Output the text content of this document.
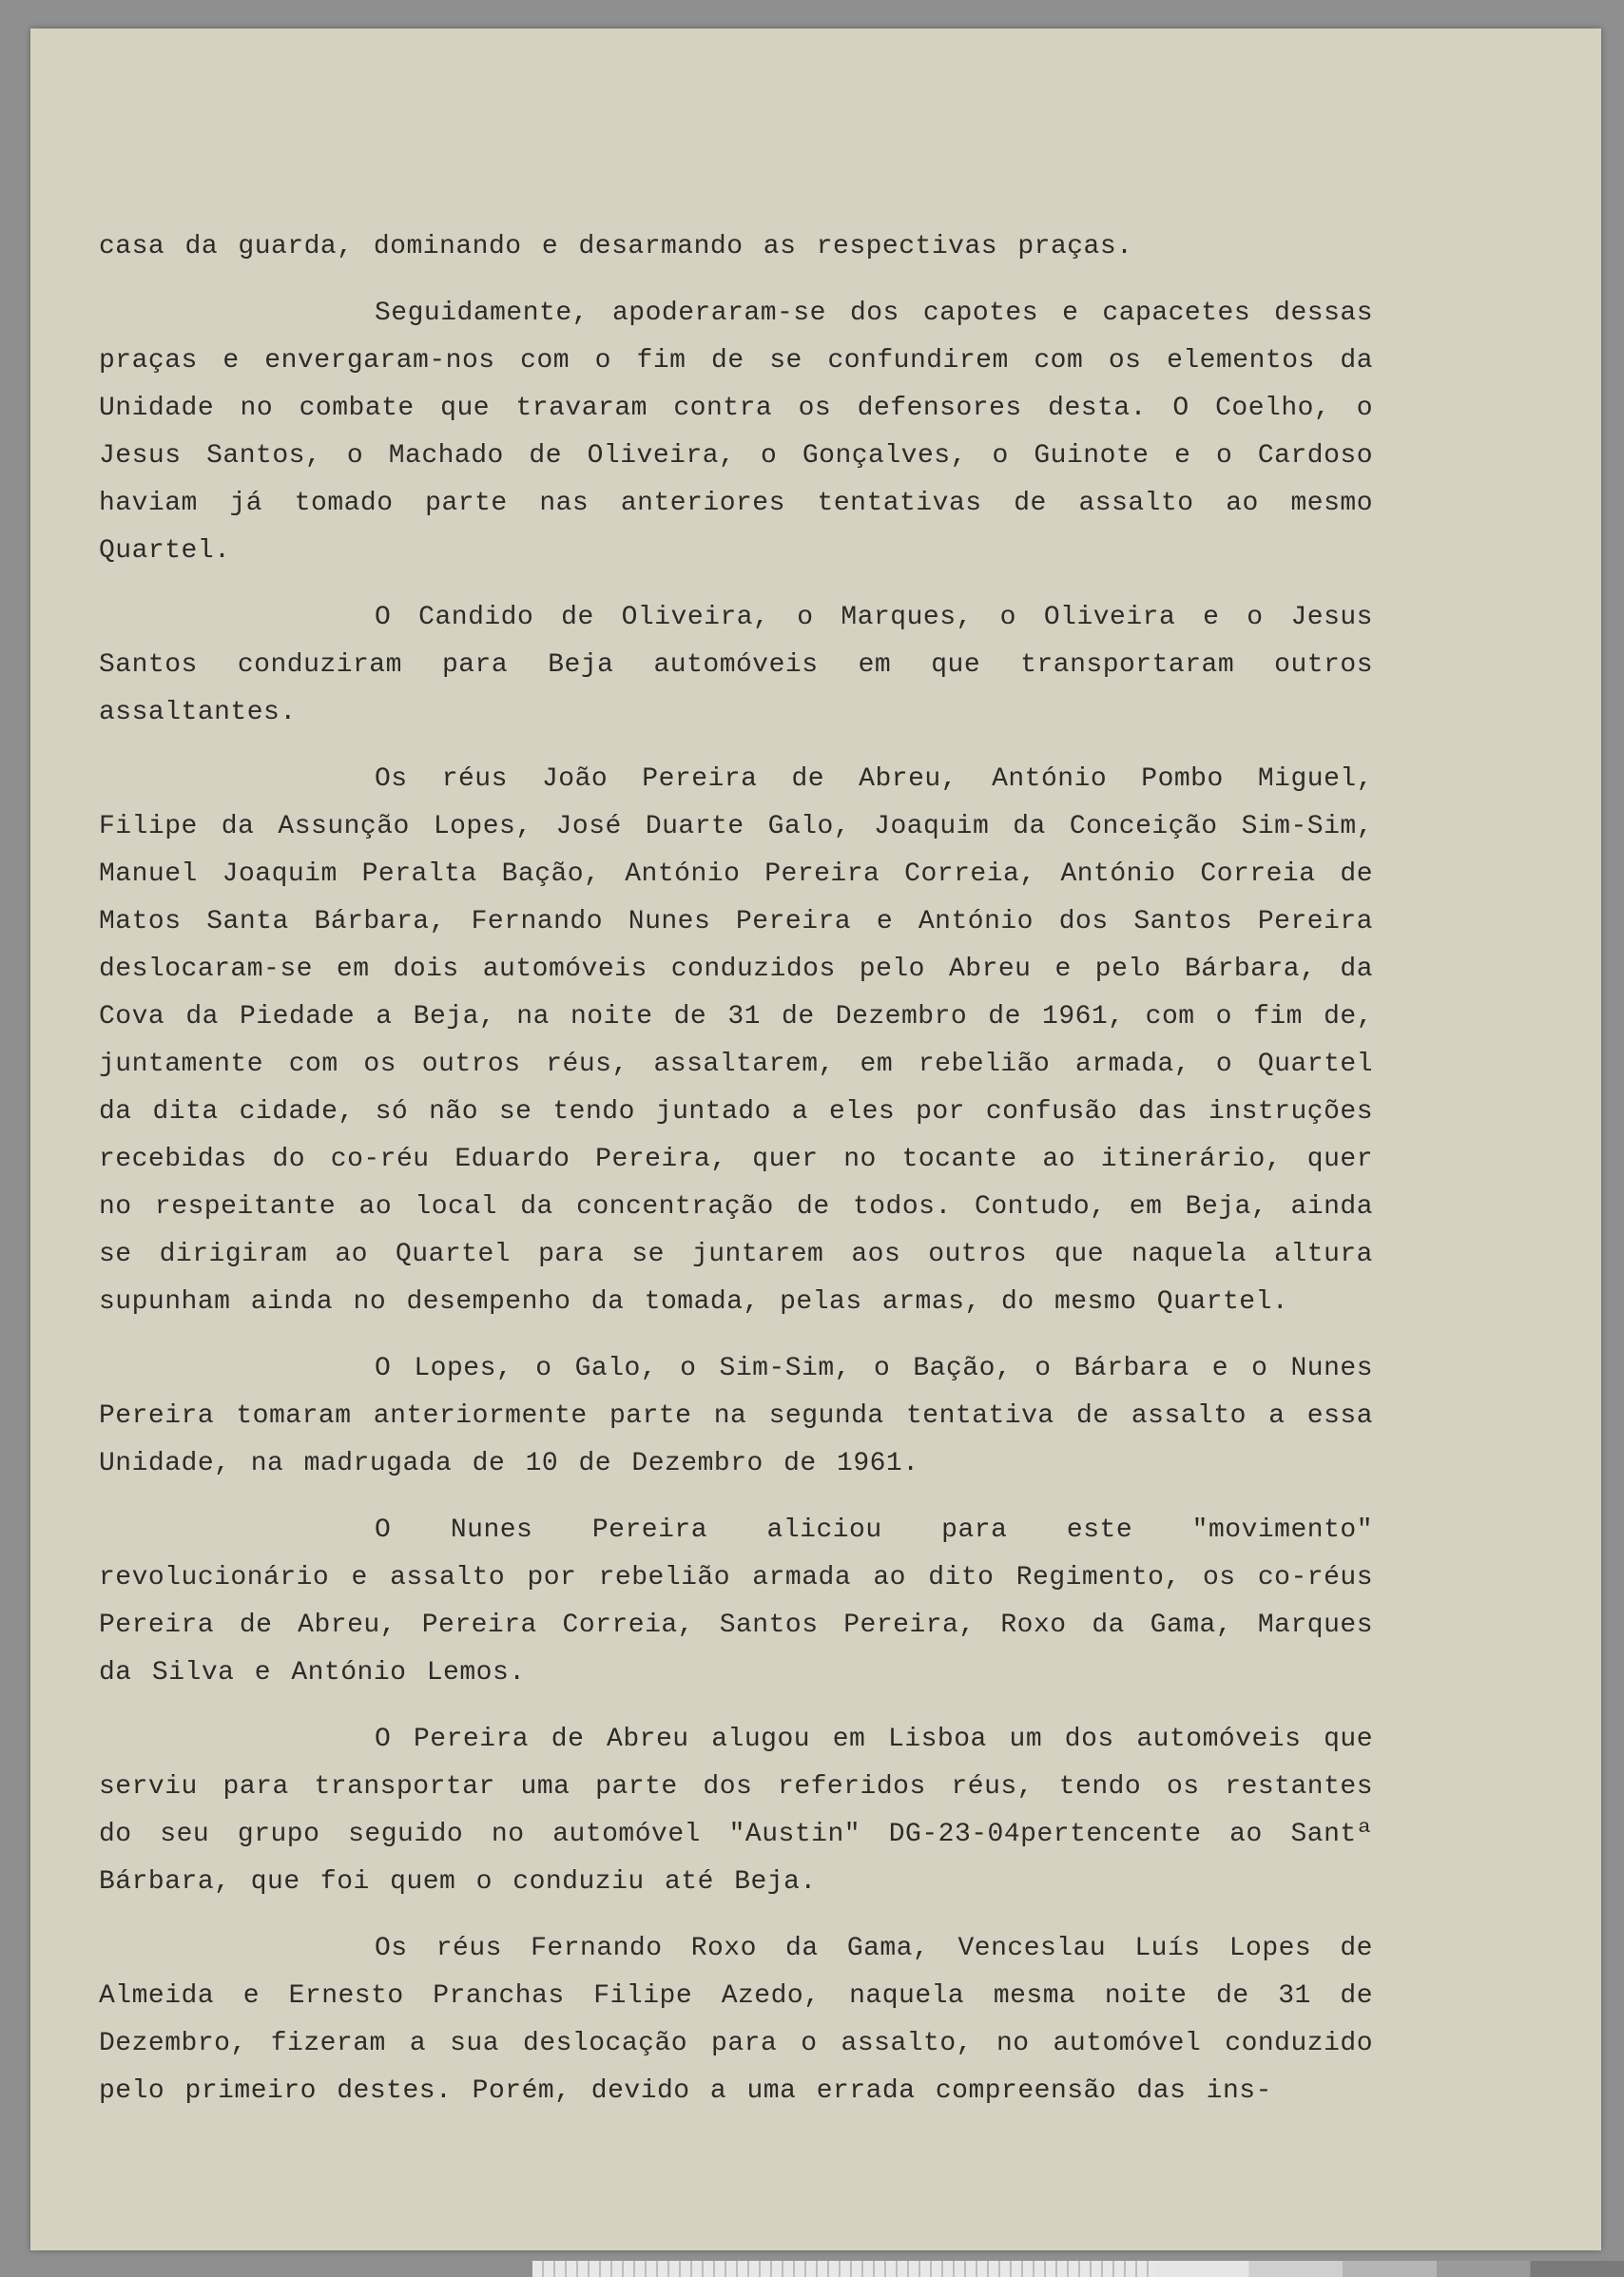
casa da guarda, dominando e desarmando as respectivas praças.

Seguidamente, apoderaram-se dos capotes e capacetes dessas praças e envergaram-nos com o fim de se confundirem com os elementos da Unidade no combate que travaram contra os defensores desta. O Coelho, o Jesus Santos, o Machado de Oliveira, o Gonçalves, o Guinote e o Cardoso haviam já tomado parte nas anteriores tentativas de assalto ao mesmo Quartel.

O Candido de Oliveira, o Marques, o Oliveira e o Jesus Santos conduziram para Beja automóveis em que transportaram outros assaltantes.

Os réus João Pereira de Abreu, António Pombo Miguel, Filipe da Assunção Lopes, José Duarte Galo, Joaquim da Conceição Sim-Sim, Manuel Joaquim Peralta Bação, António Pereira Correia, António Correia de Matos Santa Bárbara, Fernando Nunes Pereira e António dos Santos Pereira deslocaram-se em dois automóveis conduzidos pelo Abreu e pelo Bárbara, da Cova da Piedade a Beja, na noite de 31 de Dezembro de 1961, com o fim de, juntamente com os outros réus, assaltarem, em rebelião armada, o Quartel da dita cidade, só não se tendo juntado a eles por confusão das instruções recebidas do co-réu Eduardo Pereira, quer no tocante ao itinerário, quer no respeitante ao local da concentração de todos. Contudo, em Beja, ainda se dirigiram ao Quartel para se juntarem aos outros que naquela altura supunham ainda no desempenho da tomada, pelas armas, do mesmo Quartel.

O Lopes, o Galo, o Sim-Sim, o Bação, o Bárbara e o Nunes Pereira tomaram anteriormente parte na segunda tentativa de assalto a essa Unidade, na madrugada de 10 de Dezembro de 1961.

O Nunes Pereira aliciou para este "movimento" revolucionário e assalto por rebelião armada ao dito Regimento, os co-réus Pereira de Abreu, Pereira Correia, Santos Pereira, Roxo da Gama, Marques da Silva e António Lemos.

O Pereira de Abreu alugou em Lisboa um dos automóveis que serviu para transportar uma parte dos referidos réus, tendo os restantes do seu grupo seguido no automóvel "Austin" DG-23-04pertencente ao Santª Bárbara, que foi quem o conduziu até Beja.

Os réus Fernando Roxo da Gama, Venceslau Luís Lopes de Almeida e Ernesto Pranchas Filipe Azedo, naquela mesma noite de 31 de Dezembro, fizeram a sua deslocação para o assalto, no automóvel conduzido pelo primeiro destes. Porém, devido a uma errada compreensão das ins-
